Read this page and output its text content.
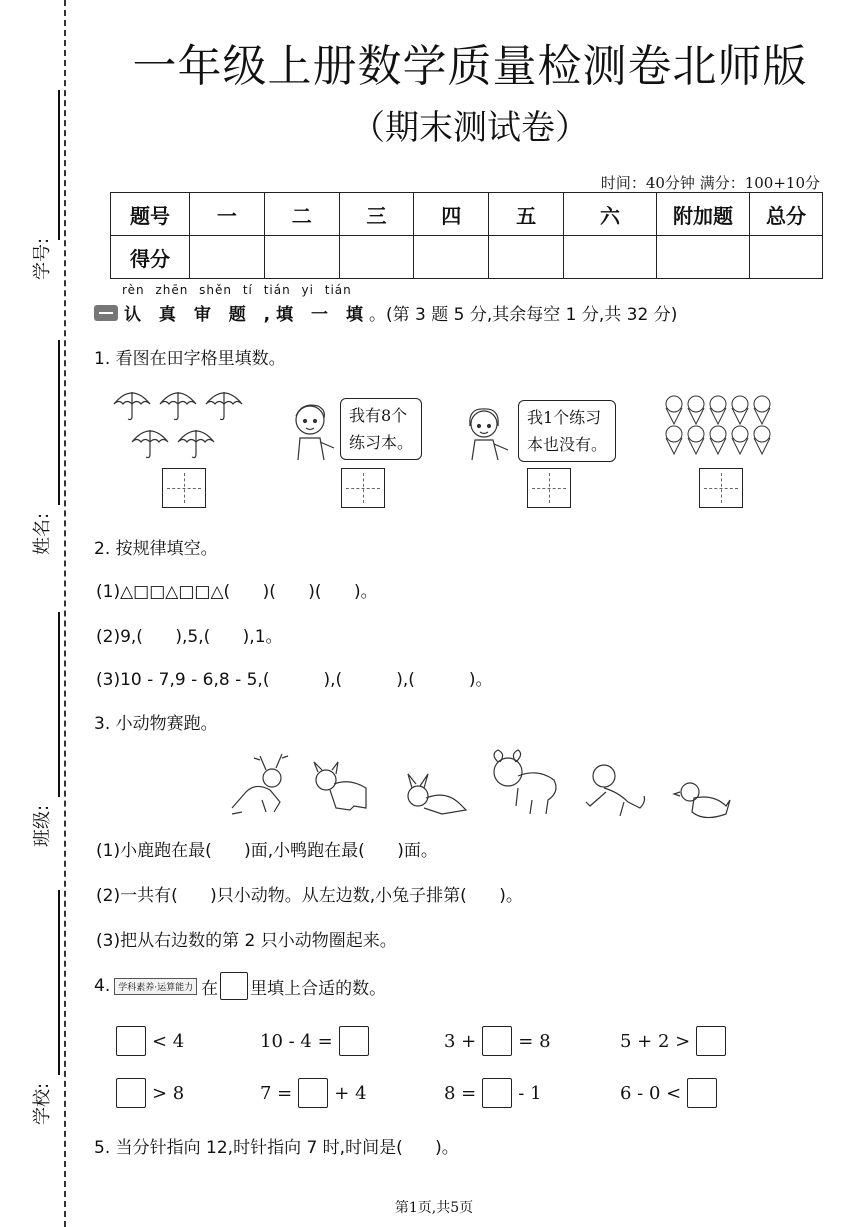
学号:
姓名:
班级:
学校:
一年级上册数学质量检测卷北师版
（期末测试卷）
时间：40分钟 满分：100+10分
题号	一	二	三	四	五	六	附加题	总分
得分								
rèn zhēn shěn tí tián yi tián
认 真 审 题 ,填 一 填 。(第 3 题 5 分,其余每空 1 分,共 32 分)
1. 看图在田字格里填数。
我有8个
练习本。
我1个练习
本也没有。
2. 按规律填空。
(1)△□□△□□△(      )(      )(      )。
(2)9,(      ),5,(      ),1。
(3)10 - 7,9 - 6,8 - 5,(          ),(          ),(          )。
3. 小动物赛跑。
(1)小鹿跑在最(      )面,小鸭跑在最(      )面。
(2)一共有(      )只小动物。从左边数,小兔子排第(      )。
(3)把从右边数的第 2 只小动物圈起来。
4. 学科素养·运算能力 在 里填上合适的数。
< 4	10 - 4 =	3 + = 8	5 + 2 >
> 8	7 = + 4	8 = - 1	6 - 0 <
5. 当分针指向 12,时针指向 7 时,时间是(      )。
第1页,共5页
